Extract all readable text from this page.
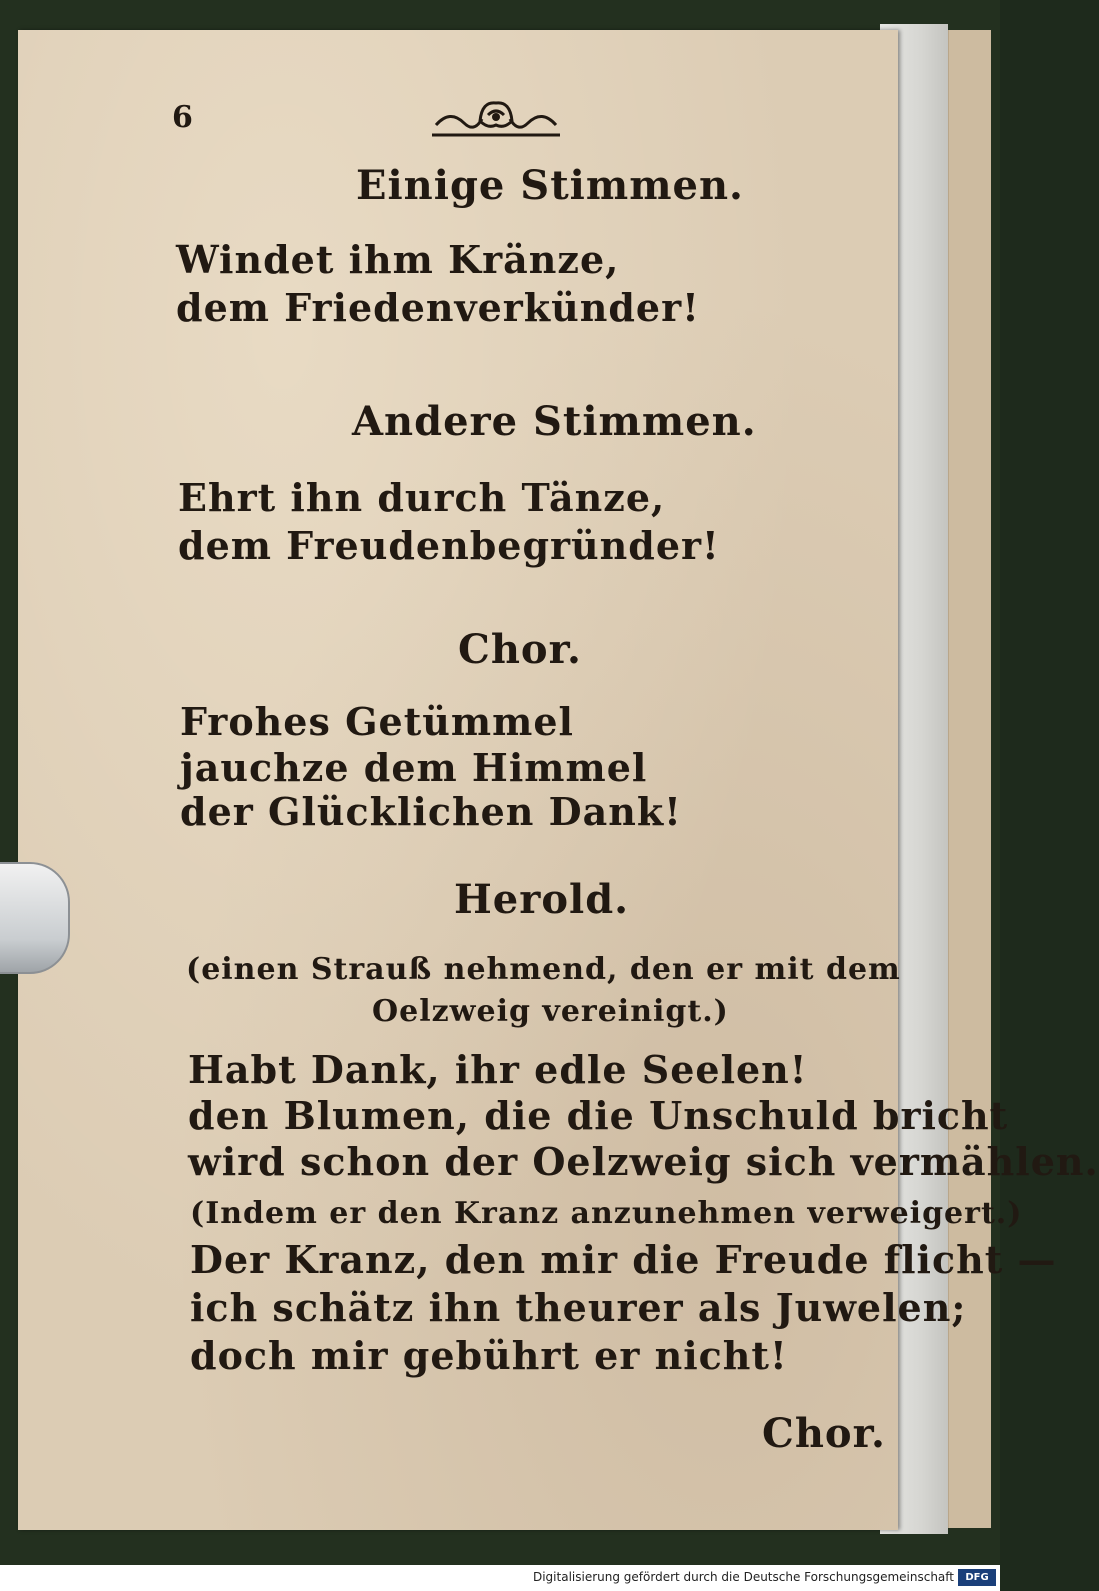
6
Einige Stimmen.
Windet ihm Kränze,
dem Friedenverkünder!
Andere Stimmen.
Ehrt ihn durch Tänze,
dem Freudenbegründer!
Chor.
Frohes Getümmel
jauchze dem Himmel
der Glücklichen Dank!
Herold.
(einen Strauß nehmend, den er mit dem
Oelzweig vereinigt.)
Habt Dank, ihr edle Seelen!
den Blumen, die die Unschuld bricht
wird schon der Oelzweig sich vermählen.
(Indem er den Kranz anzunehmen verweigert.)
Der Kranz, den mir die Freude flicht —
ich schätz ihn theurer als Juwelen;
doch mir gebührt er nicht!
Chor.
Digitalisierung gefördert durch die Deutsche Forschungsgemeinschaft	DFG
